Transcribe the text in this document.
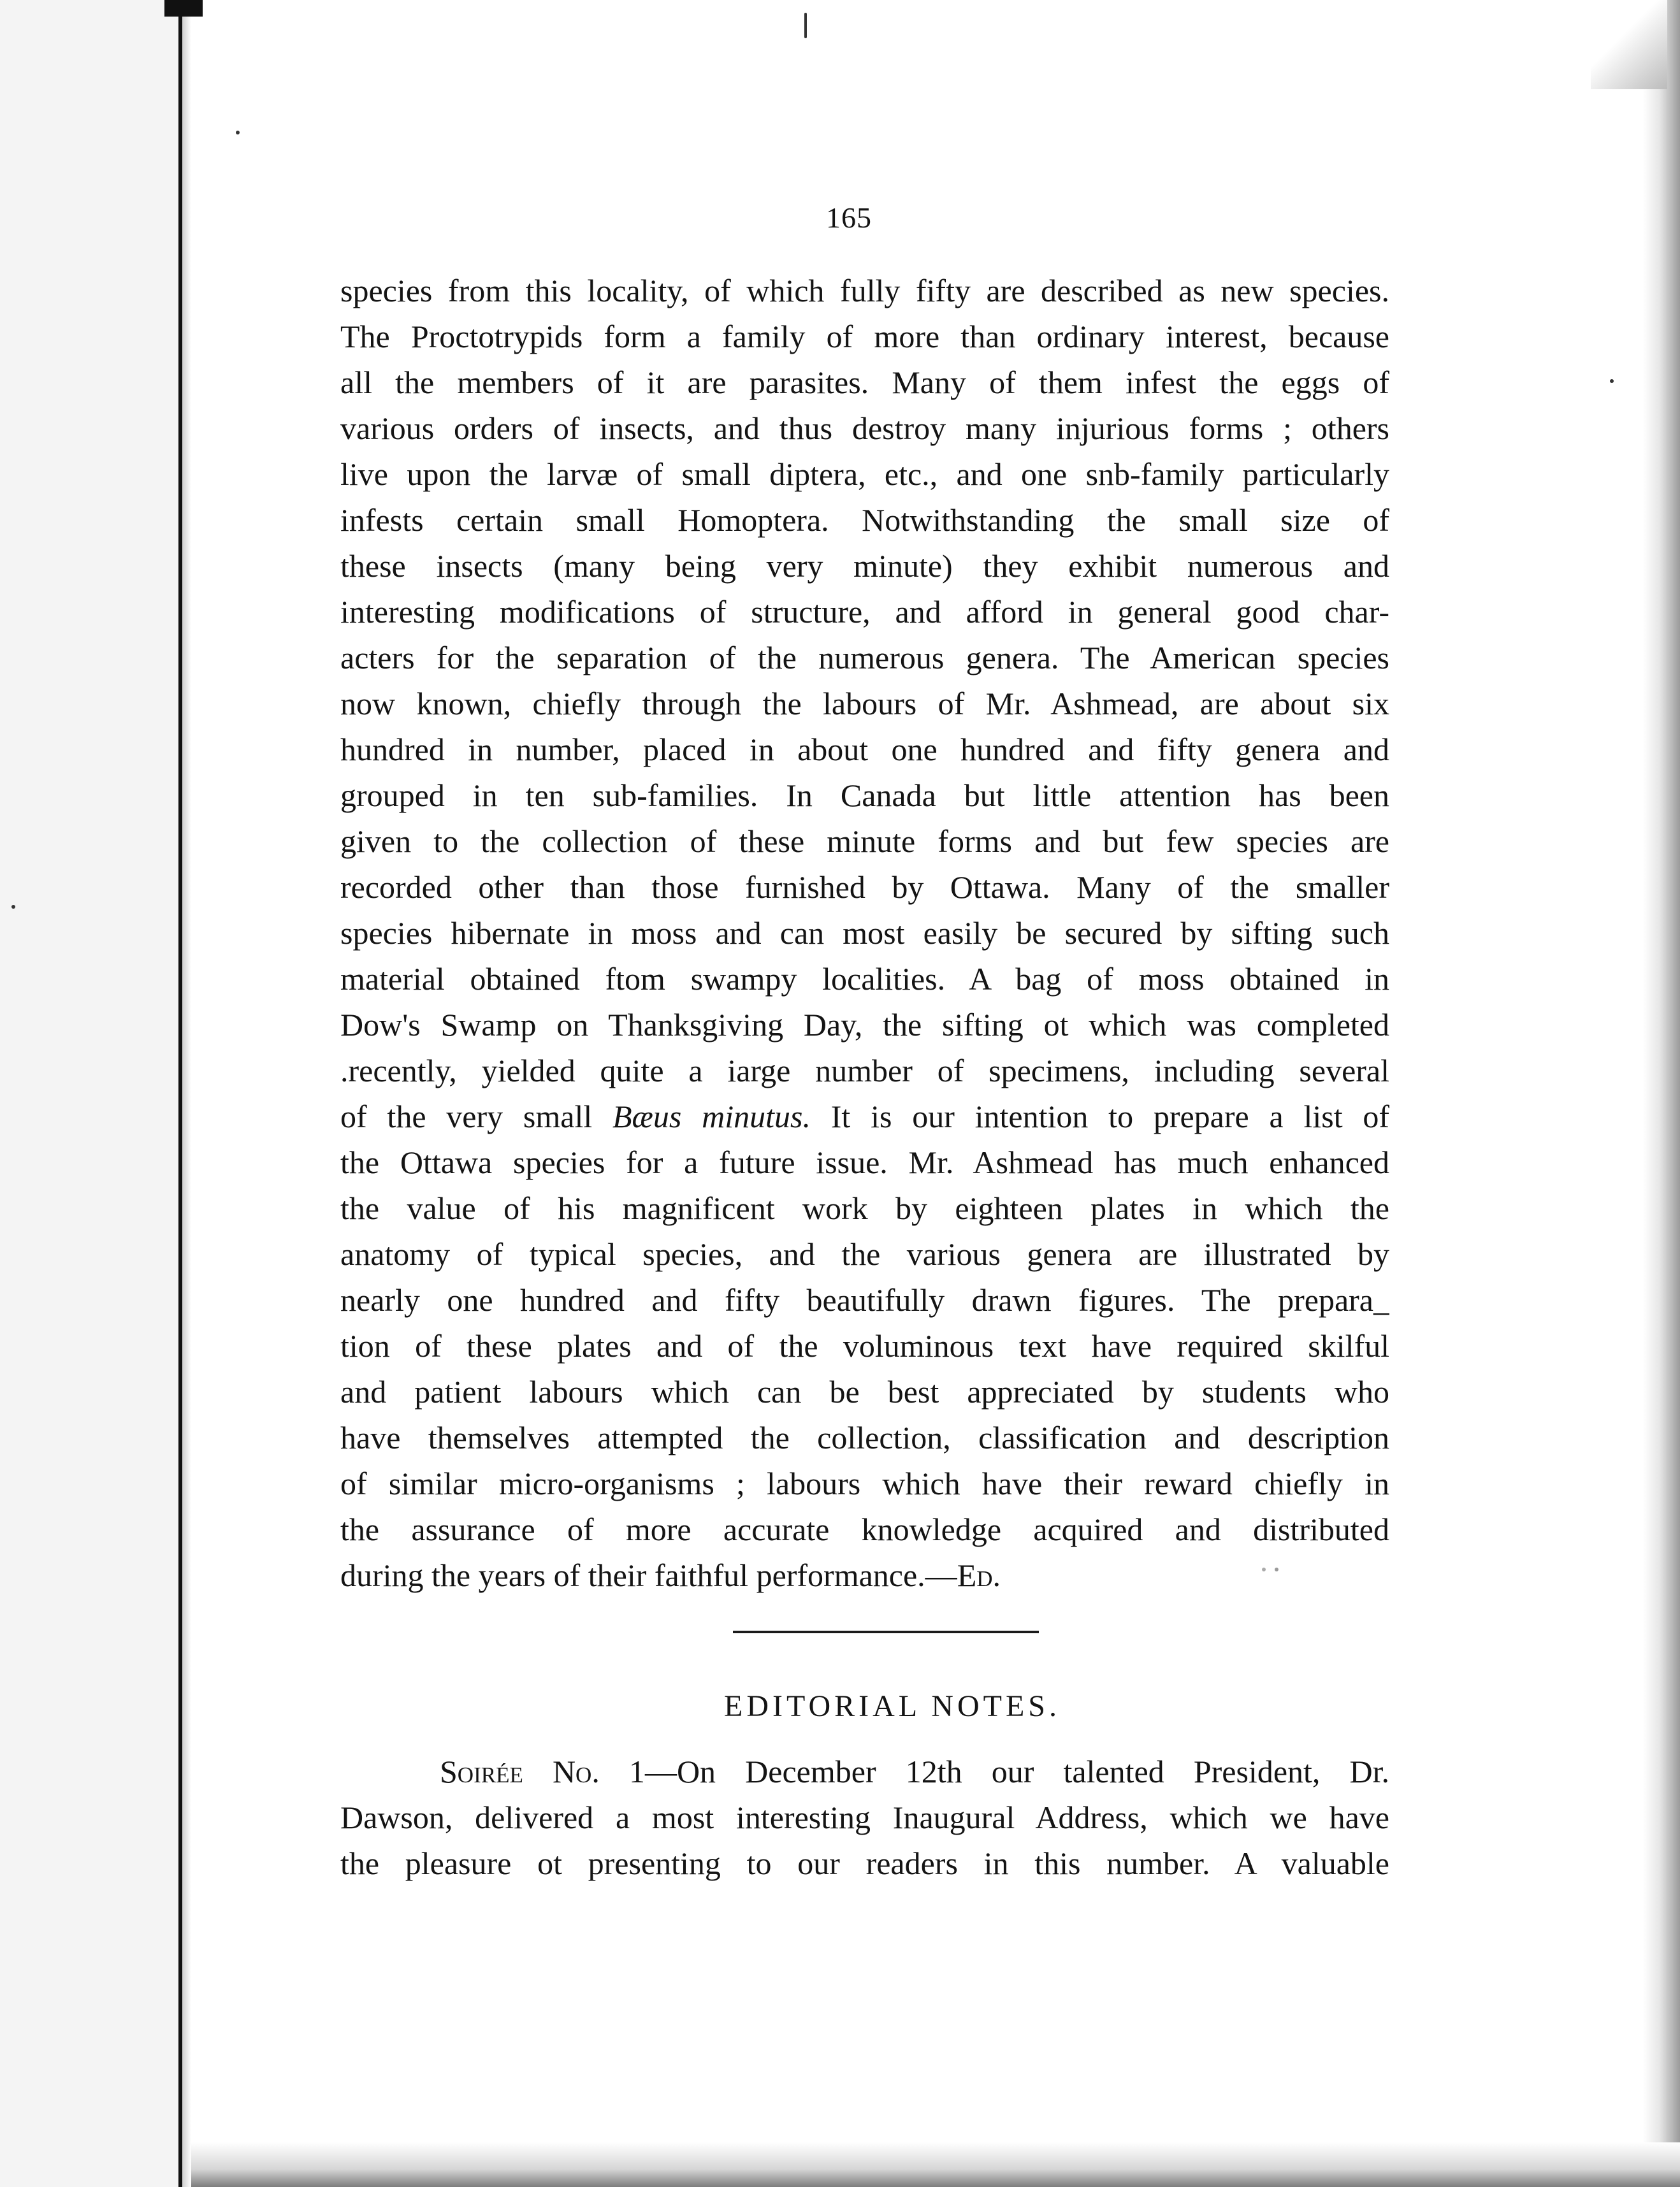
165
species from this locality, of which fully fifty are described as new species.
The Proctotrypids form a family of more than ordinary interest, because
all the members of it are parasites. Many of them infest the eggs of
various orders of insects, and thus destroy many injurious forms ; others
live upon the larvæ of small diptera, etc., and one snb-family particularly
infests certain small Homoptera. Notwithstanding the small size of
these insects (many being very minute) they exhibit numerous and
interesting modifications of structure, and afford in general good char-
acters for the separation of the numerous genera. The American species
now known, chiefly through the labours of Mr. Ashmead, are about six
hundred in number, placed in about one hundred and fifty genera and
grouped in ten sub-families. In Canada but little attention has been
given to the collection of these minute forms and but few species are
recorded other than those furnished by Ottawa. Many of the smaller
species hibernate in moss and can most easily be secured by sifting such
material obtained ftom swampy localities. A bag of moss obtained in
Dow's Swamp on Thanksgiving Day, the sifting ot which was completed
.recently, yielded quite a iarge number of specimens, including several
of the very small Bæus minutus. It is our intention to prepare a list of
the Ottawa species for a future issue. Mr. Ashmead has much enhanced
the value of his magnificent work by eighteen plates in which the
anatomy of typical species, and the various genera are illustrated by
nearly one hundred and fifty beautifully drawn figures. The prepara_
tion of these plates and of the voluminous text have required skilful
and patient labours which can be best appreciated by students who
have themselves attempted the collection, classification and description
of similar micro-organisms ; labours which have their reward chiefly in
the assurance of more accurate knowledge acquired and distributed
during the years of their faithful performance.—Ed.
EDITORIAL NOTES.
Soirée No. 1—On December 12th our talented President, Dr.
Dawson, delivered a most interesting Inaugural Address, which we have
the pleasure ot presenting to our readers in this number. A valuable
